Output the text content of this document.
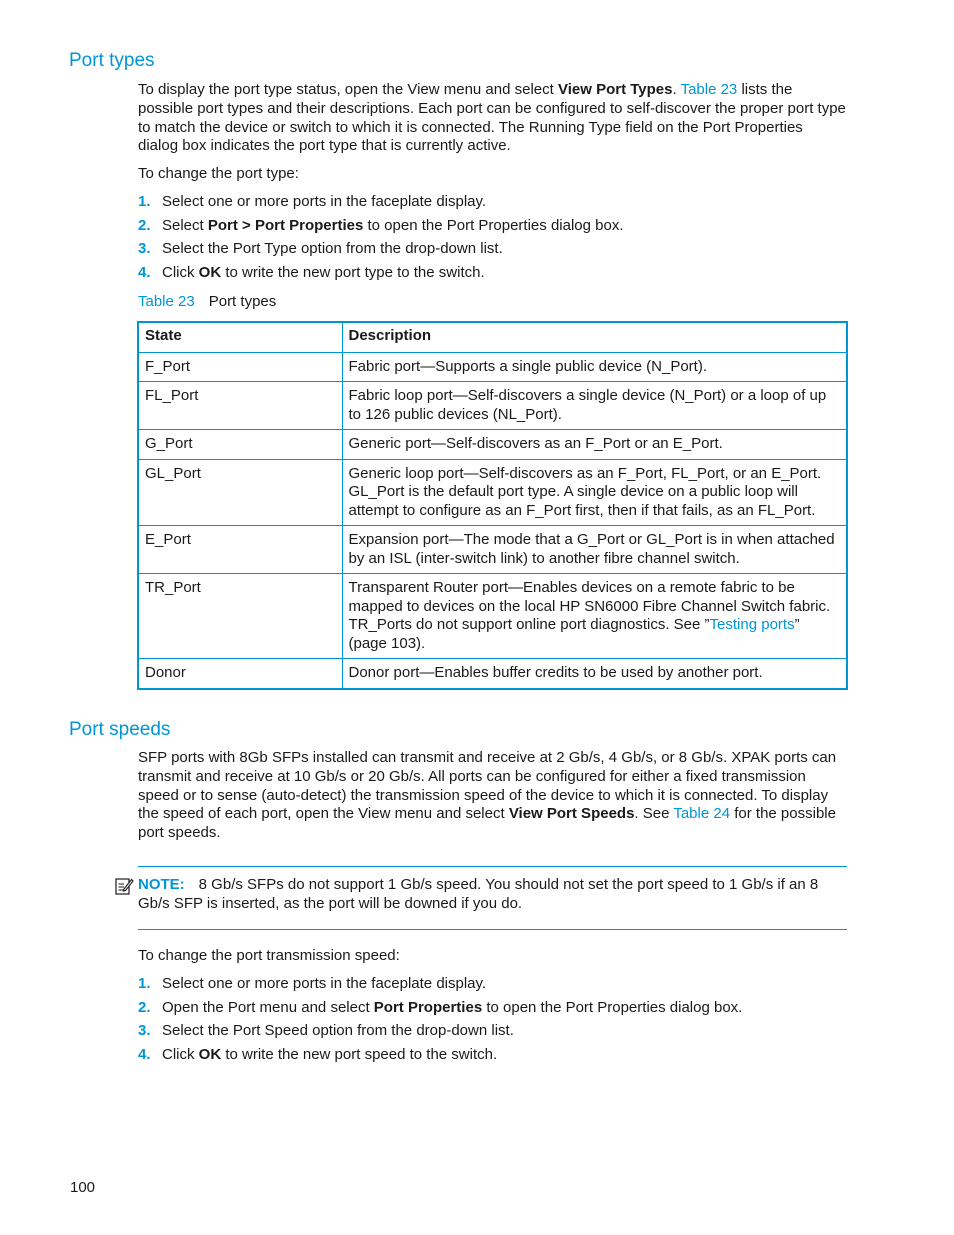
Port types

To display the port type status, open the View menu and select View Port Types. Table 23 lists the possible port types and their descriptions. Each port can be configured to self-discover the proper port type to match the device or switch to which it is connected. The Running Type field on the Port Properties dialog box indicates the port type that is currently active.

To change the port type:

1. Select one or more ports in the faceplate display.
2. Select Port > Port Properties to open the Port Properties dialog box.
3. Select the Port Type option from the drop-down list.
4. Click OK to write the new port type to the switch.

Table 23 Port types

State	Description
F_Port	Fabric port—Supports a single public device (N_Port).
FL_Port	Fabric loop port—Self-discovers a single device (N_Port) or a loop of up to 126 public devices (NL_Port).
G_Port	Generic port—Self-discovers as an F_Port or an E_Port.
GL_Port	Generic loop port—Self-discovers as an F_Port, FL_Port, or an E_Port. GL_Port is the default port type. A single device on a public loop will attempt to configure as an F_Port first, then if that fails, as an FL_Port.
E_Port	Expansion port—The mode that a G_Port or GL_Port is in when attached by an ISL (inter-switch link) to another fibre channel switch.
TR_Port	Transparent Router port—Enables devices on a remote fabric to be mapped to devices on the local HP SN6000 Fibre Channel Switch fabric. TR_Ports do not support online port diagnostics. See ”Testing ports” (page 103).
Donor	Donor port—Enables buffer credits to be used by another port.
Port speeds

SFP ports with 8Gb SFPs installed can transmit and receive at 2 Gb/s, 4 Gb/s, or 8 Gb/s. XPAK ports can transmit and receive at 10 Gb/s or 20 Gb/s. All ports can be configured for either a fixed transmission speed or to sense (auto-detect) the transmission speed of the device to which it is connected. To display the speed of each port, open the View menu and select View Port Speeds. See Table 24 for the possible port speeds.

NOTE: 8 Gb/s SFPs do not support 1 Gb/s speed. You should not set the port speed to 1 Gb/s if an 8 Gb/s SFP is inserted, as the port will be downed if you do.

To change the port transmission speed:

1. Select one or more ports in the faceplate display.
2. Open the Port menu and select Port Properties to open the Port Properties dialog box.
3. Select the Port Speed option from the drop-down list.
4. Click OK to write the new port speed to the switch.

100
